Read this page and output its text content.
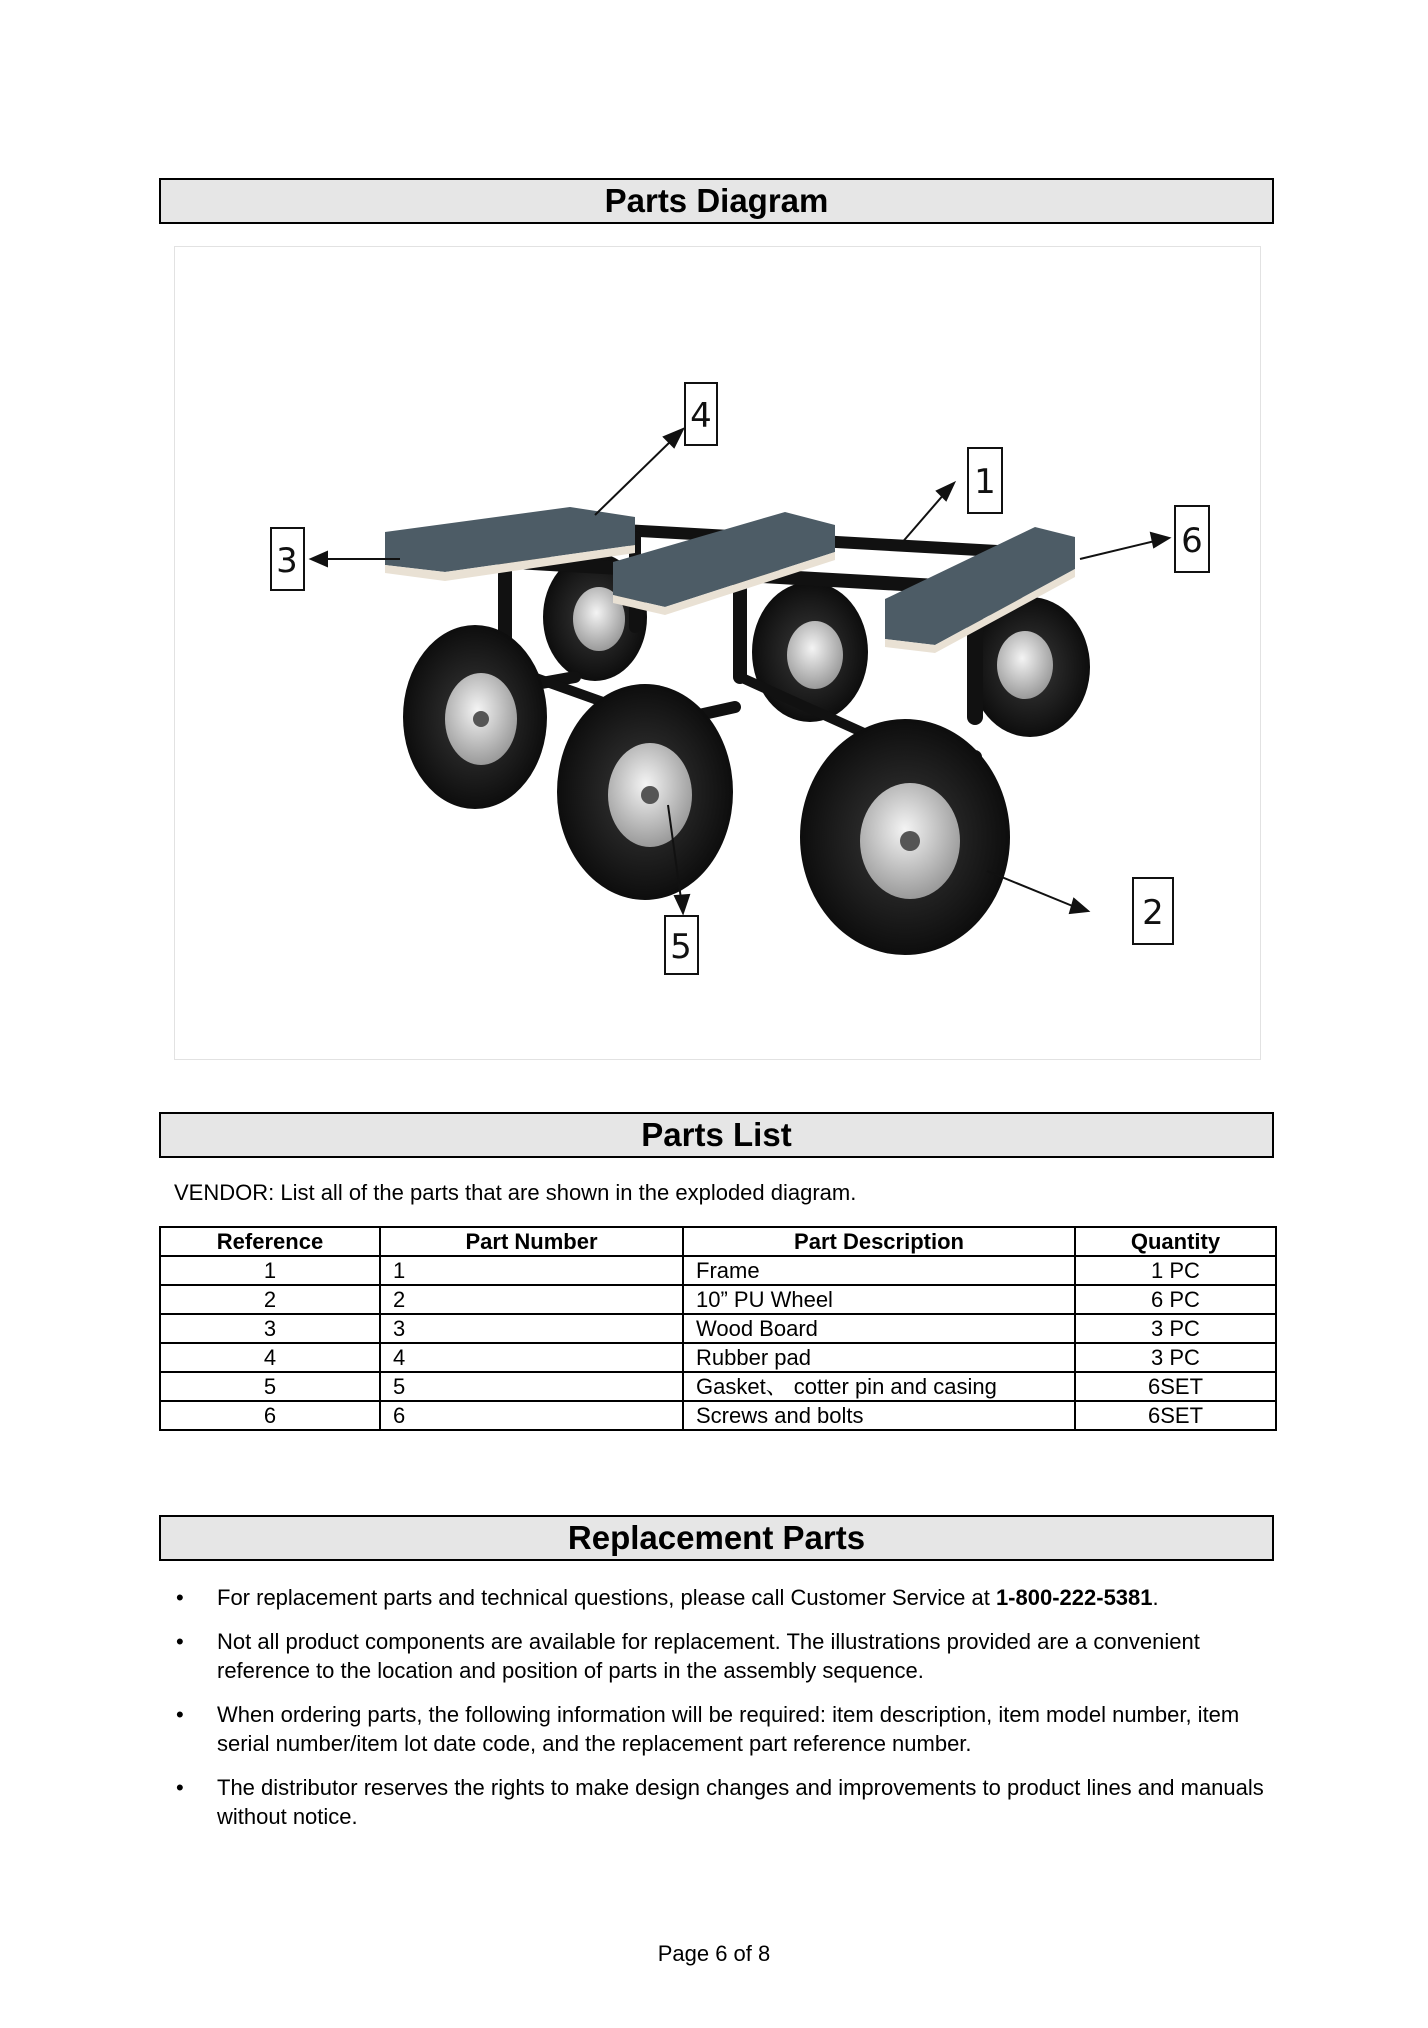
Parts Diagram
4
1
6
3
5
2
Parts List
VENDOR: List all of the parts that are shown in the exploded diagram.
Reference	Part Number	Part Description	Quantity
1	1	Frame	1 PC
2	2	10” PU Wheel	6 PC
3	3	Wood Board	3 PC
4	4	Rubber pad	3 PC
5	5	Gasket、 cotter pin and casing	6SET
6	6	Screws and bolts	6SET
Replacement Parts
• For replacement parts and technical questions, please call Customer Service at 1-800-222-5381.
• Not all product components are available for replacement. The illustrations provided are a convenient reference to the location and position of parts in the assembly sequence.
• When ordering parts, the following information will be required: item description, item model number, item serial number/item lot date code, and the replacement part reference number.
• The distributor reserves the rights to make design changes and improvements to product lines and manuals without notice.
Page 6 of 8
